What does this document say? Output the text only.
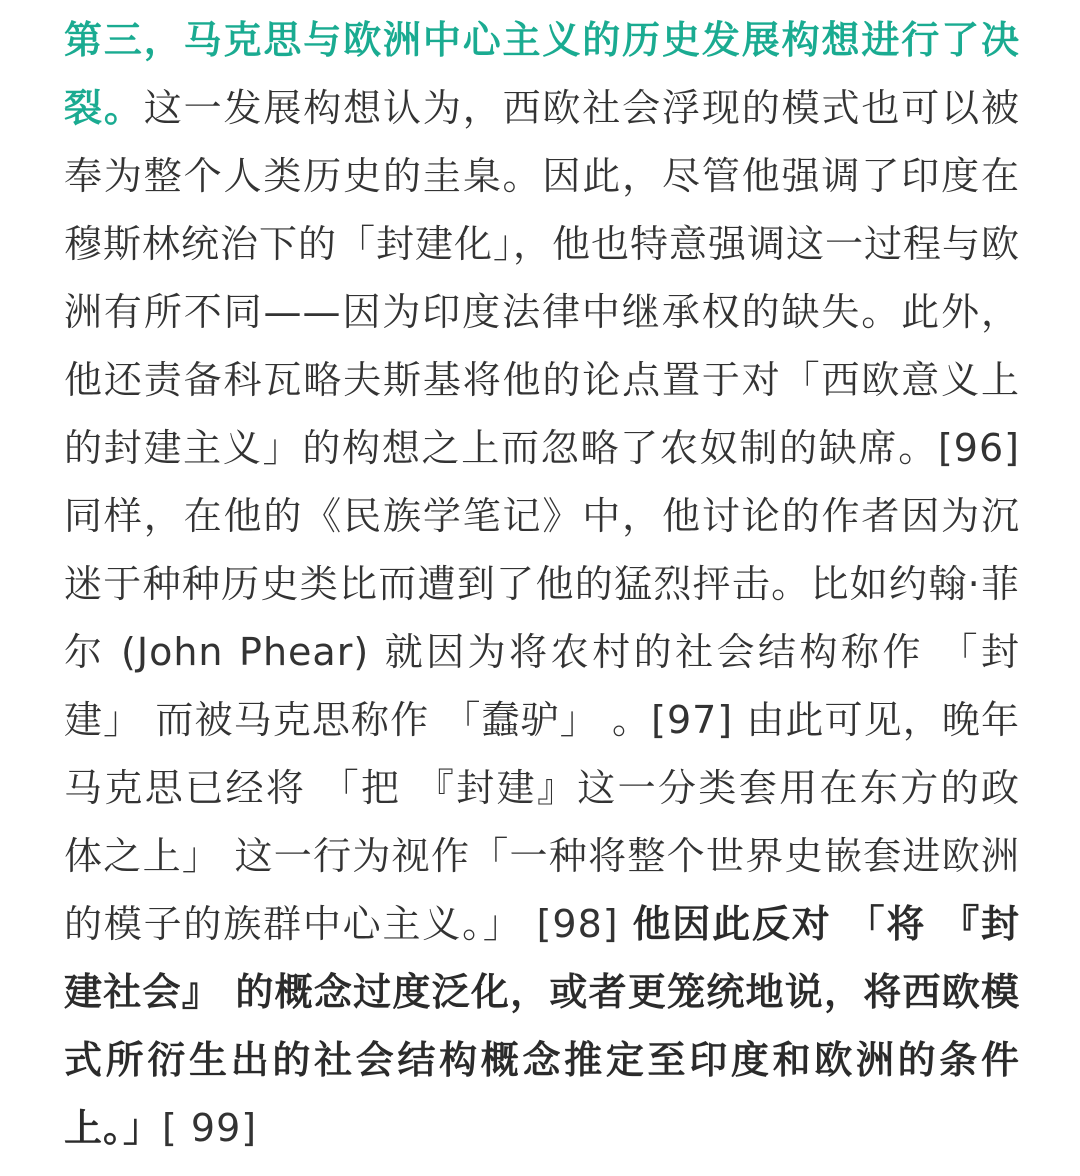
第三，马克思与欧洲中心主义的历史发展构想进行了决裂。这一发展构想认为，西欧社会浮现的模式也可以被奉为整个人类历史的圭臬。因此，尽管他强调了印度在穆斯林统治下的「封建化」，他也特意强调这一过程与欧洲有所不同——因为印度法律中继承权的缺失。此外，他还责备科瓦略夫斯基将他的论点置于对「西欧意义上的封建主义」的构想之上而忽略了农奴制的缺席。[96] 同样，在他的《民族学笔记》中，他讨论的作者因为沉迷于种种历史类比而遭到了他的猛烈抨击。比如约翰·菲尔 (John Phear) 就因为将农村的社会结构称作 「封建」 而被马克思称作 「蠢驴」 。[97] 由此可见，晚年马克思已经将 「把 『封建』这一分类套用在东方的政体之上」 这一行为视作「一种将整个世界史嵌套进欧洲的模子的族群中心主义。」 [98] 他因此反对 「将 『封建社会』 的概念过度泛化，或者更笼统地说，将西欧模式所衍生出的社会结构概念推定至印度和欧洲的条件上。」[ 99]
